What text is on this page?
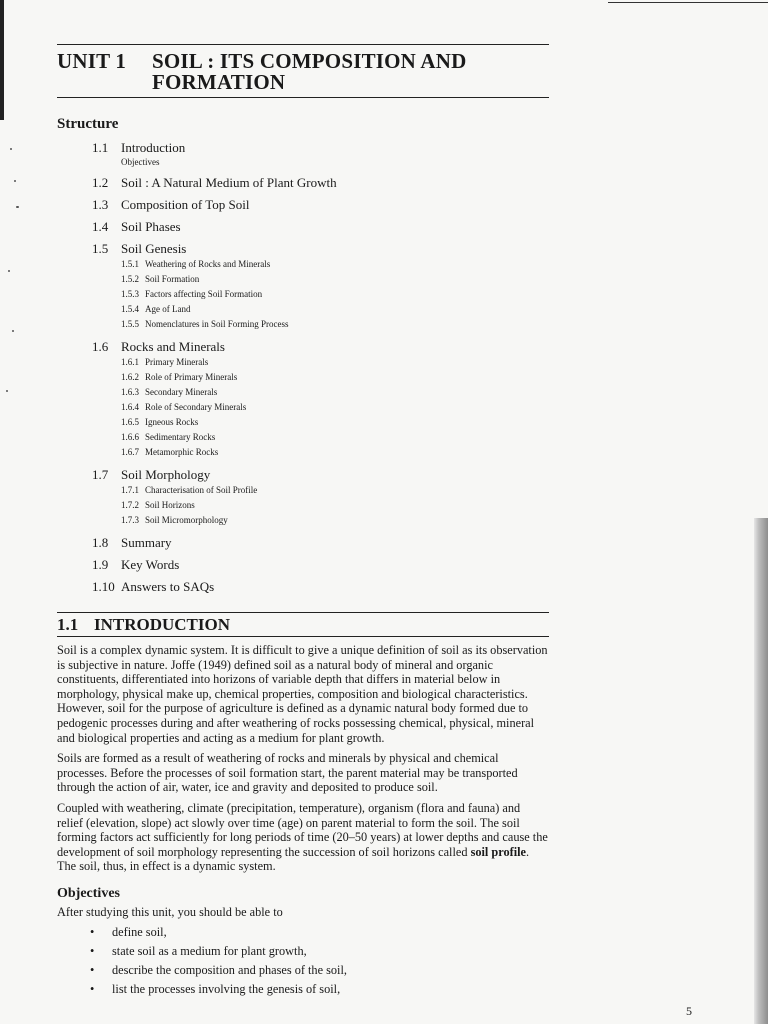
UNIT 1	SOIL : ITS COMPOSITION AND
FORMATION
Structure
1.1 Introduction
Objectives
1.2 Soil : A Natural Medium of Plant Growth
1.3 Composition of Top Soil
1.4 Soil Phases
1.5 Soil Genesis
1.5.1 Weathering of Rocks and Minerals
1.5.2 Soil Formation
1.5.3 Factors affecting Soil Formation
1.5.4 Age of Land
1.5.5 Nomenclatures in Soil Forming Process
1.6 Rocks and Minerals
1.6.1 Primary Minerals
1.6.2 Role of Primary Minerals
1.6.3 Secondary Minerals
1.6.4 Role of Secondary Minerals
1.6.5 Igneous Rocks
1.6.6 Sedimentary Rocks
1.6.7 Metamorphic Rocks
1.7 Soil Morphology
1.7.1 Characterisation of Soil Profile
1.7.2 Soil Horizons
1.7.3 Soil Micromorphology
1.8 Summary
1.9 Key Words
1.10 Answers to SAQs
1.1 INTRODUCTION

Soil is a complex dynamic system. It is difficult to give a unique definition of soil as its observation is subjective in nature. Joffe (1949) defined soil as a natural body of mineral and organic constituents, differentiated into horizons of variable depth that differs in material below in morphology, physical make up, chemical properties, composition and biological characteristics. However, soil for the purpose of agriculture is defined as a dynamic natural body formed due to pedogenic processes during and after weathering of rocks possessing chemical, physical, mineral and biological properties and acting as a medium for plant growth.

Soils are formed as a result of weathering of rocks and minerals by physical and chemical processes. Before the processes of soil formation start, the parent material may be transported through the action of air, water, ice and gravity and deposited to produce soil.

Coupled with weathering, climate (precipitation, temperature), organism (flora and fauna) and relief (elevation, slope) act slowly over time (age) on parent material to form the soil. The soil forming factors act sufficiently for long periods of time (20–50 years) at lower depths and cause the development of soil morphology representing the succession of soil horizons called soil profile. The soil, thus, in effect is a dynamic system.

Objectives

After studying this unit, you should be able to

• define soil,
• state soil as a medium for plant growth,
• describe the composition and phases of the soil,
• list the processes involving the genesis of soil,
5
